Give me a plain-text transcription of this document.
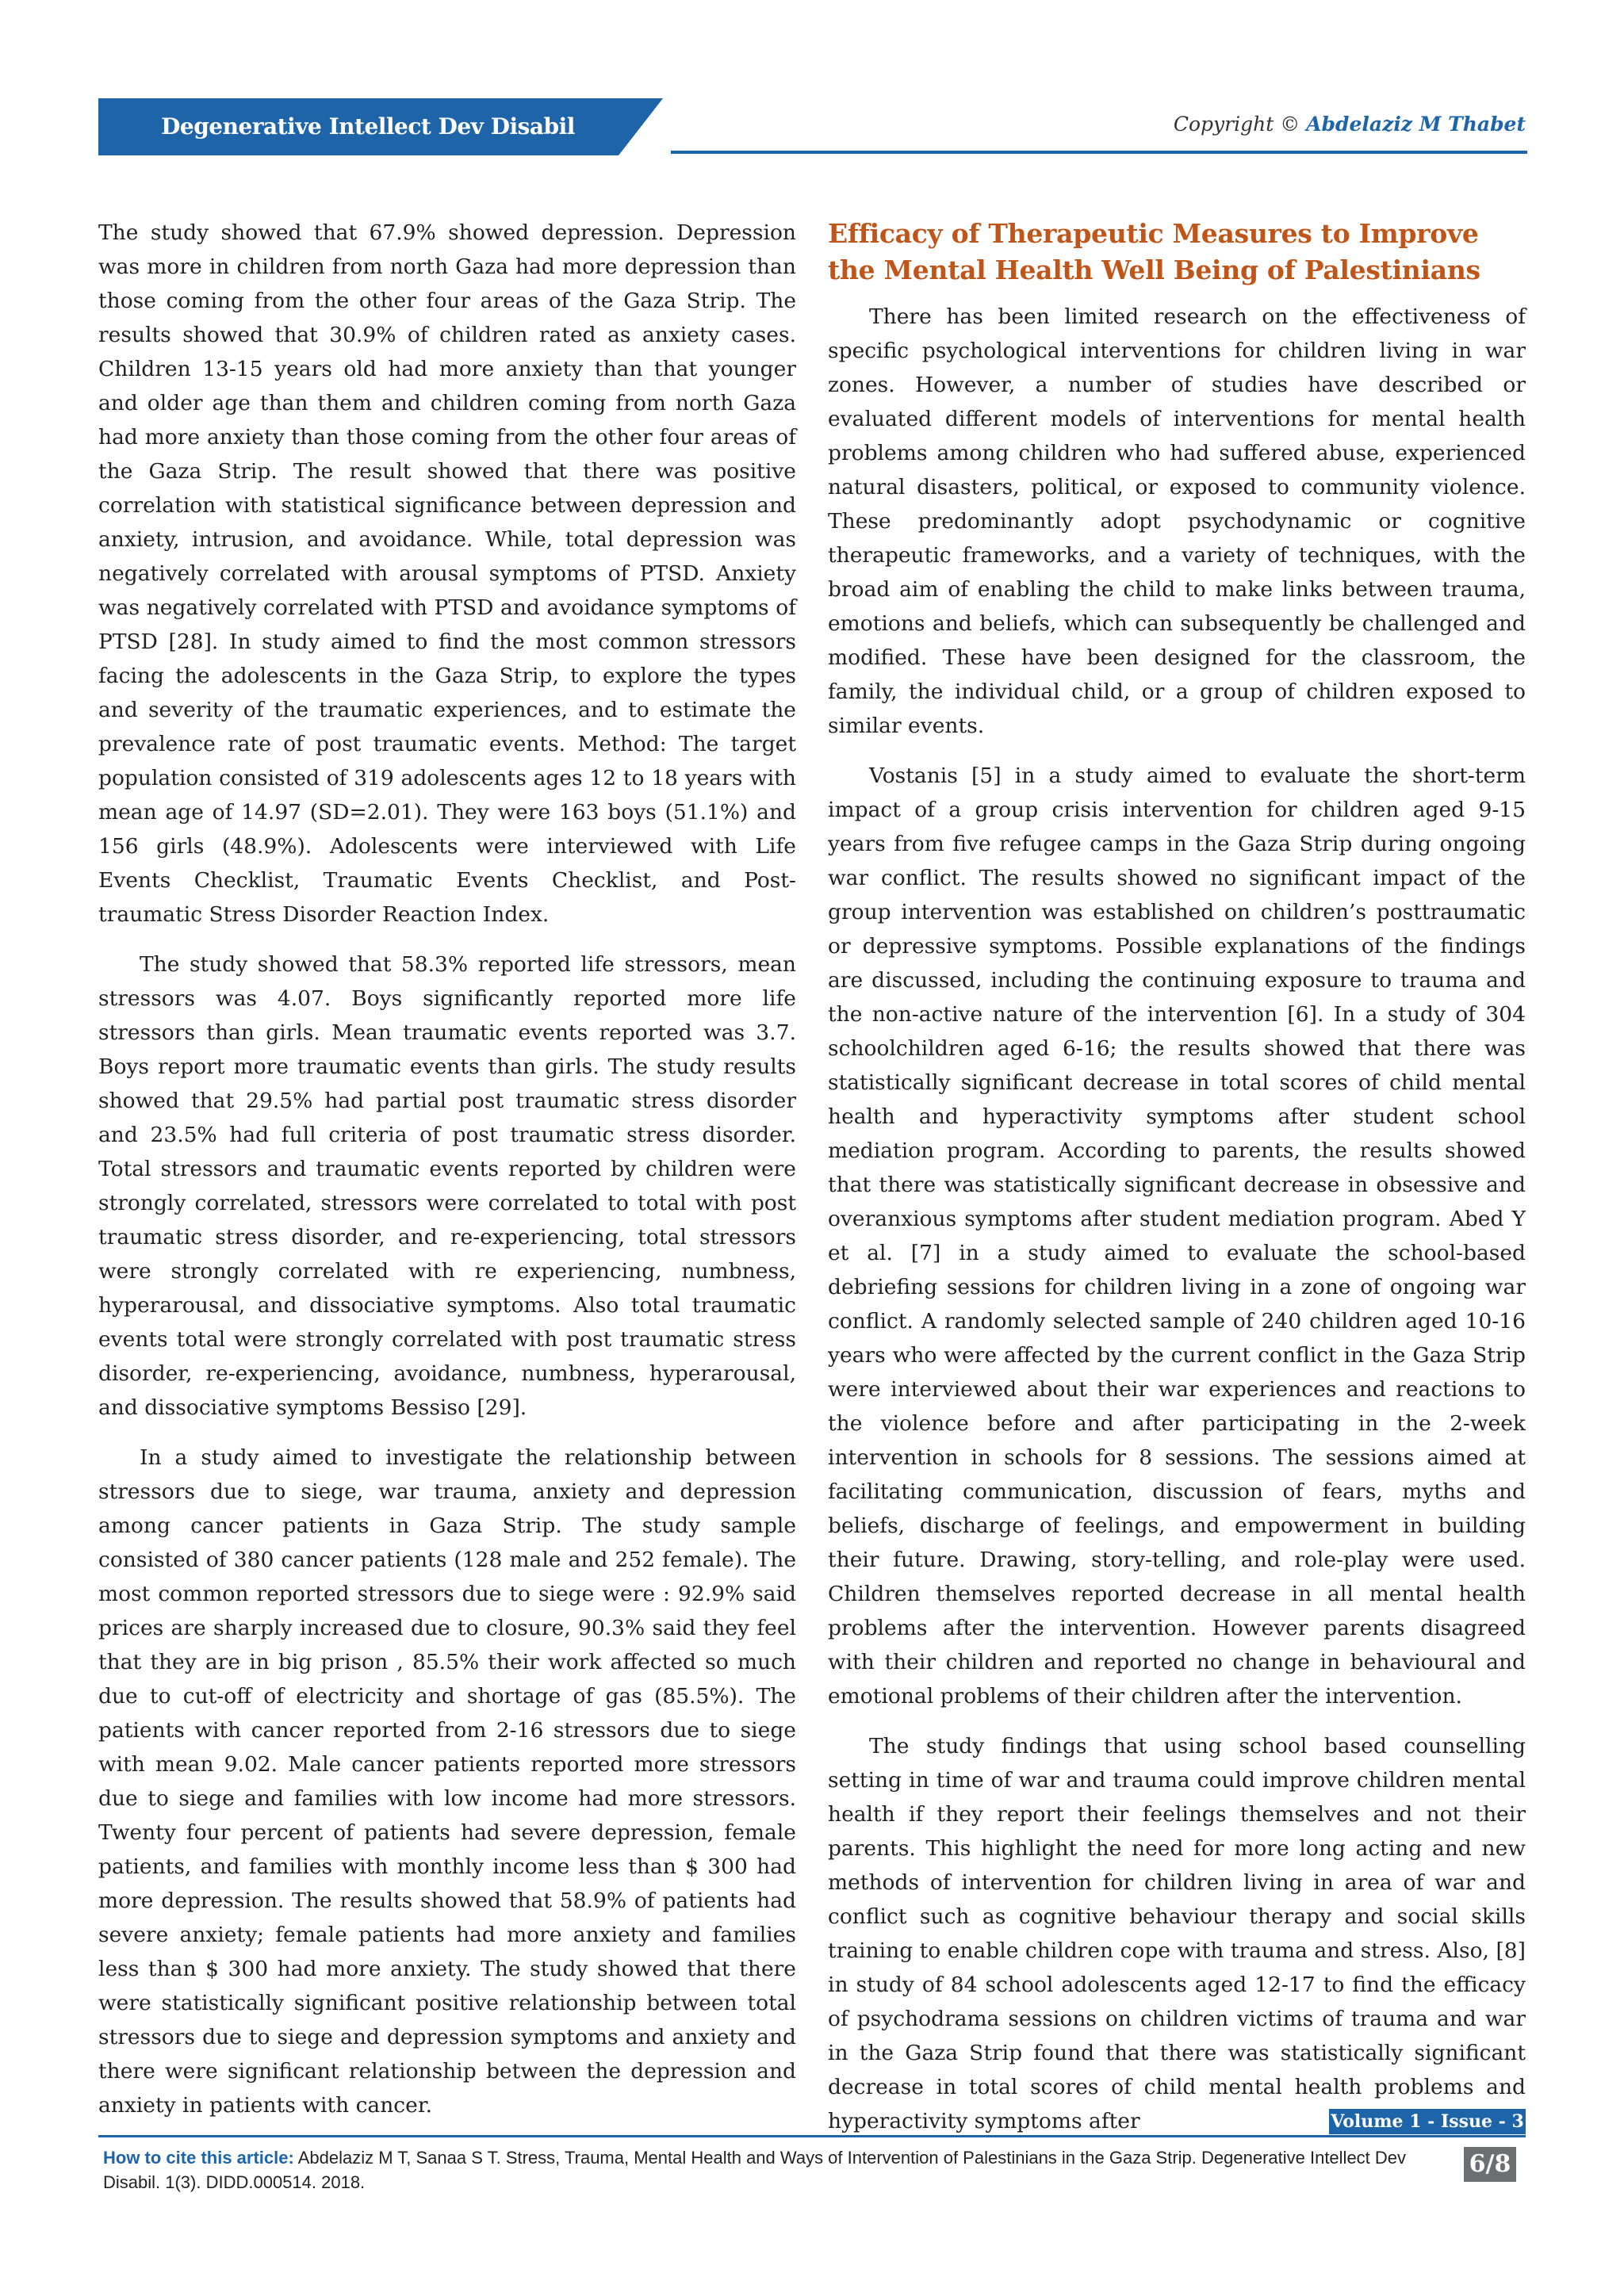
Degenerative Intellect Dev Disabil	Copyright © Abdelaziz M Thabet

The study showed that 67.9% showed depression. Depression was more in children from north Gaza had more depression than those coming from the other four areas of the Gaza Strip. The results showed that 30.9% of children rated as anxiety cases. Children 13-15 years old had more anxiety than that younger and older age than them and children coming from north Gaza had more anxiety than those coming from the other four areas of the Gaza Strip. The result showed that there was positive correlation with statistical significance between depression and anxiety, intrusion, and avoidance. While, total depression was negatively correlated with arousal symptoms of PTSD. Anxiety was negatively correlated with PTSD and avoidance symptoms of PTSD [28]. In study aimed to find the most common stressors facing the adolescents in the Gaza Strip, to explore the types and severity of the traumatic experiences, and to estimate the prevalence rate of post traumatic events. Method: The target population consisted of 319 adolescents ages 12 to 18 years with mean age of 14.97 (SD=2.01). They were 163 boys (51.1%) and 156 girls (48.9%). Adolescents were interviewed with Life Events Checklist, Traumatic Events Checklist, and Post-traumatic Stress Disorder Reaction Index.

The study showed that 58.3% reported life stressors, mean stressors was 4.07. Boys significantly reported more life stressors than girls. Mean traumatic events reported was 3.7. Boys report more traumatic events than girls. The study results showed that 29.5% had partial post traumatic stress disorder and 23.5% had full criteria of post traumatic stress disorder. Total stressors and traumatic events reported by children were strongly correlated, stressors were correlated to total with post traumatic stress disorder, and re-experiencing, total stressors were strongly correlated with re experiencing, numbness, hyperarousal, and dissociative symptoms. Also total traumatic events total were strongly correlated with post traumatic stress disorder, re-experiencing, avoidance, numbness, hyperarousal, and dissociative symptoms Bessiso [29].

In a study aimed to investigate the relationship between stressors due to siege, war trauma, anxiety and depression among cancer patients in Gaza Strip. The study sample consisted of 380 cancer patients (128 male and 252 female). The most common reported stressors due to siege were : 92.9% said prices are sharply increased due to closure, 90.3% said they feel that they are in big prison , 85.5% their work affected so much due to cut-off of electricity and shortage of gas (85.5%). The patients with cancer reported from 2-16 stressors due to siege with mean 9.02. Male cancer patients reported more stressors due to siege and families with low income had more stressors. Twenty four percent of patients had severe depression, female patients, and families with monthly income less than $ 300 had more depression. The results showed that 58.9% of patients had severe anxiety; female patients had more anxiety and families less than $ 300 had more anxiety. The study showed that there were statistically significant positive relationship between total stressors due to siege and depression symptoms and anxiety and there were significant relationship between the depression and anxiety in patients with cancer.

Efficacy of Therapeutic Measures to Improve the Mental Health Well Being of Palestinians

There has been limited research on the effectiveness of specific psychological interventions for children living in war zones. However, a number of studies have described or evaluated different models of interventions for mental health problems among children who had suffered abuse, experienced natural disasters, political, or exposed to community violence. These predominantly adopt psychodynamic or cognitive therapeutic frameworks, and a variety of techniques, with the broad aim of enabling the child to make links between trauma, emotions and beliefs, which can subsequently be challenged and modified. These have been designed for the classroom, the family, the individual child, or a group of children exposed to similar events.

Vostanis [5] in a study aimed to evaluate the short-term impact of a group crisis intervention for children aged 9-15 years from five refugee camps in the Gaza Strip during ongoing war conflict. The results showed no significant impact of the group intervention was established on children’s posttraumatic or depressive symptoms. Possible explanations of the findings are discussed, including the continuing exposure to trauma and the non-active nature of the intervention [6]. In a study of 304 schoolchildren aged 6-16; the results showed that there was statistically significant decrease in total scores of child mental health and hyperactivity symptoms after student school mediation program. According to parents, the results showed that there was statistically significant decrease in obsessive and overanxious symptoms after student mediation program. Abed Y et al. [7] in a study aimed to evaluate the school-based debriefing sessions for children living in a zone of ongoing war conflict. A randomly selected sample of 240 children aged 10-16 years who were affected by the current conflict in the Gaza Strip were interviewed about their war experiences and reactions to the violence before and after participating in the 2-week intervention in schools for 8 sessions. The sessions aimed at facilitating communication, discussion of fears, myths and beliefs, discharge of feelings, and empowerment in building their future. Drawing, story-telling, and role-play were used. Children themselves reported decrease in all mental health problems after the intervention. However parents disagreed with their children and reported no change in behavioural and emotional problems of their children after the intervention.

The study findings that using school based counselling setting in time of war and trauma could improve children mental health if they report their feelings themselves and not their parents. This highlight the need for more long acting and new methods of intervention for children living in area of war and conflict such as cognitive behaviour therapy and social skills training to enable children cope with trauma and stress. Also, [8] in study of 84 school adolescents aged 12-17 to find the efficacy of psychodrama sessions on children victims of trauma and war in the Gaza Strip found that there was statistically significant decrease in total scores of child mental health problems and hyperactivity symptoms after	Volume 1 - Issue - 3
How to cite this article: Abdelaziz M T, Sanaa S T. Stress, Trauma, Mental Health and Ways of Intervention of Palestinians in the Gaza Strip. Degenerative Intellect Dev Disabil. 1(3). DIDD.000514. 2018.
6/8
